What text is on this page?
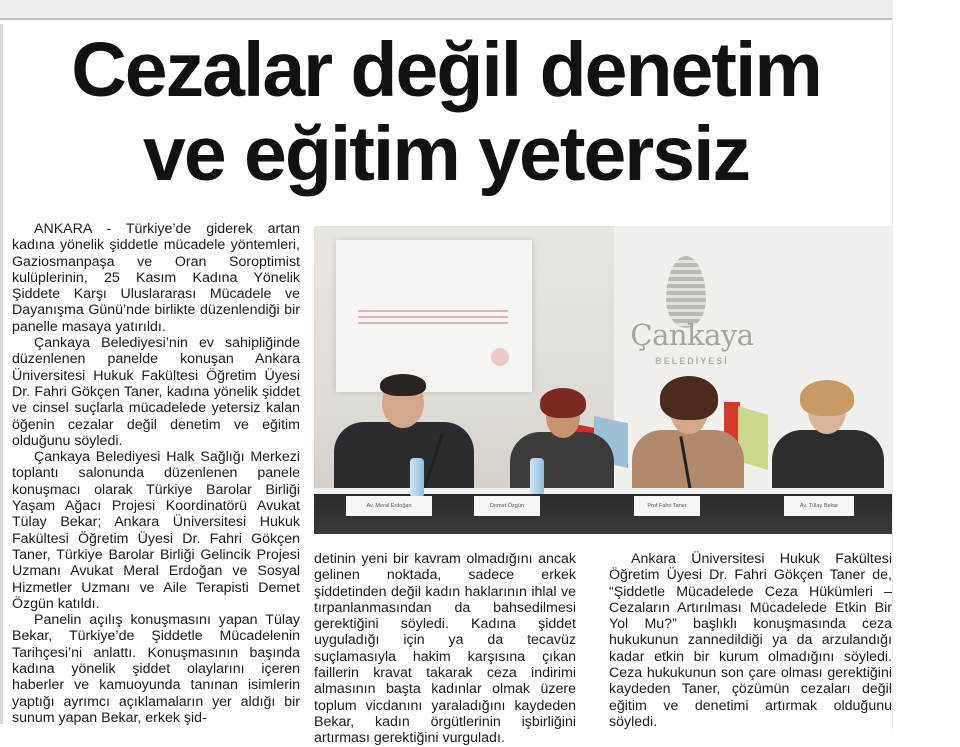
Cezalar değil denetim
ve eğitim yetersiz

ANKARA - Türkiye’de giderek artan kadına yönelik şiddetle mücadele yöntemleri, Gaziosmanpaşa ve Oran Soroptimist kulüplerinin, 25 Kasım Kadına Yönelik Şiddete Karşı Uluslararası Mücadele ve Dayanışma Günü’nde birlikte düzenlendiği bir panelle masaya yatırıldı.

Çankaya Belediyesi’nin ev sahipliğinde düzenlenen panelde konuşan Ankara Üniversitesi Hukuk Fakültesi Öğretim Üyesi Dr. Fahri Gökçen Taner, kadına yönelik şiddet ve cinsel suçlarla mücadelede yetersiz kalan öğenin cezalar değil denetim ve eğitim olduğunu söyledi.

Çankaya Belediyesi Halk Sağlığı Merkezi toplantı salonunda düzenlenen panele konuşmacı olarak Türkiye Barolar Birliği Yaşam Ağacı Projesi Koordinatörü Avukat Tülay Bekar; Ankara Üniversitesi Hukuk Fakültesi Öğretim Üyesi Dr. Fahri Gökçen Taner, Türkiye Barolar Birliği Gelincik Projesi Uzmanı Avukat Meral Erdoğan ve Sosyal Hizmetler Uzmanı ve Aile Terapisti Demet Özgün katıldı.

Panelin açılış konuşmasını yapan Tülay Bekar, Türkiye’de Şiddetle Mücadelenin Tarihçesi’ni anlattı. Konuşmasının başında kadına yönelik şiddet olaylarını içeren haberler ve kamuoyunda tanınan isimlerin yaptığı ayrımcı açıklamaların yer aldığı bir sunum yapan Bekar, erkek şid-

Çankaya
BELEDİYESİ
Av. Meral Erdoğan	Demet Özgün	Prof Fahri Taner	Av. Tülay Bekar

detinin yeni bir kavram olmadığını ancak gelinen noktada, sadece erkek şiddetinden değil kadın haklarının ihlal ve tırpanlanmasından da bahsedilmesi gerektiğini söyledi. Kadına şiddet uyguladığı için ya da tecavüz suçlamasıyla hakim karşısına çıkan faillerin kravat takarak ceza indirimi almasının başta kadınlar olmak üzere toplum vicdanını yaraladığını kaydeden Bekar, kadın örgütlerinin işbirliğini artırması gerektiğini vurguladı.

Ankara Üniversitesi Hukuk Fakültesi Öğretim Üyesi Dr. Fahri Gökçen Taner de, “Şiddetle Mücadelede Ceza Hükümleri – Cezaların Artırılması Mücadelede Etkin Bir Yol Mu?” başlıklı konuşmasında ceza hukukunun zannedildiği ya da arzulandığı kadar etkin bir kurum olmadığını söyledi. Ceza hukukunun son çare olması gerektiğini kaydeden Taner, çözümün cezaları değil eğitim ve denetimi artırmak olduğunu söyledi.
